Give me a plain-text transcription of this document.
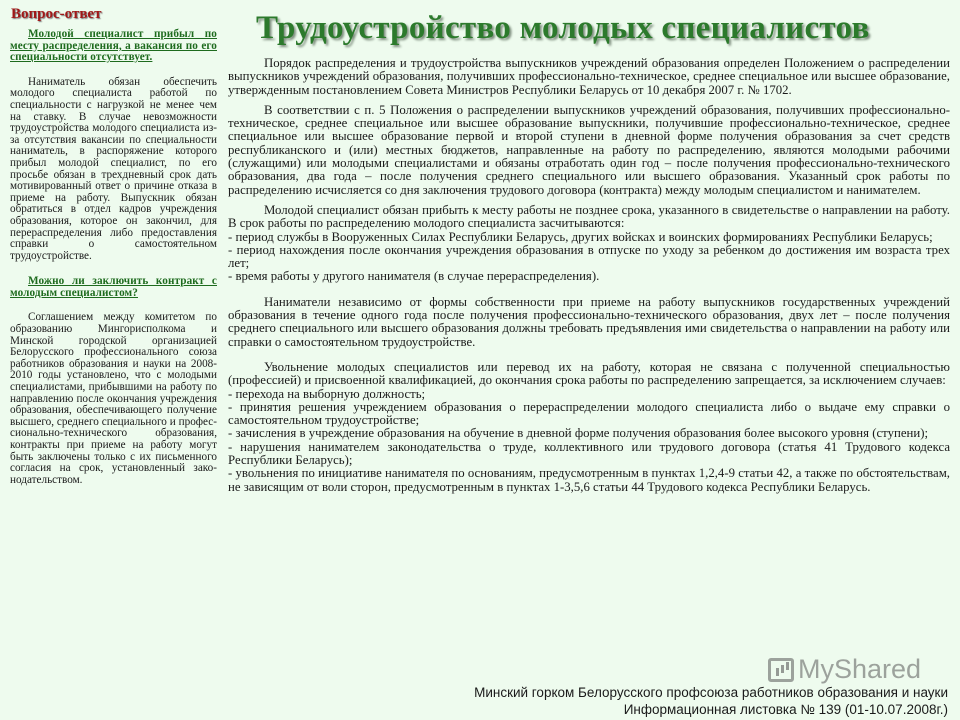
Вопрос-ответ
Молодой специалист прибыл по месту распределения, а вакансия по его специальности отсутствует.

Наниматель обязан обеспечить молодого специалиста работой по специальности с нагрузкой не менее чем на ставку. В случае невозможности трудоустройства молодого специалиста из-за отсутствия вакансии по специальности наниматель, в распоряжение которого прибыл молодой специалист, по его просьбе обязан в трехдневный срок дать мотивированный ответ о причине отказа в приеме на работу. Выпускник обязан обратиться в отдел кадров учреждения образования, которое он закончил, для перераспределения либо предоставления справки о самостоятельном трудоустройстве.

Можно ли заключить контракт с молодым специалистом?

Соглашением между комитетом по образованию Мингорисполкома и Минской городской организацией Белорусского профессионального союза работников образования и науки на 2008-2010 годы установлено, что с молодыми специалистами, прибывшими на работу по направлению после окончания учреждения образования, обеспечивающего получение высшего, среднего специального и профессионально-технического образования, контракты при приеме на работу могут быть заключены только с их письменного согласия на срок, установленный законодательством.

Трудоустройство молодых специалистов

Порядок распределения и трудоустройства выпускников учреждений образования определен Положением о распределении выпускников учреждений образования, получивших профессионально-техническое, среднее специальное или высшее образование, утвержденным постановлением Совета Министров Республики Беларусь от 10 декабря 2007 г. № 1702.

В соответствии с п. 5 Положения о распределении выпускников учреждений образования, получивших профессионально-техническое, среднее специальное или высшее образование выпускники, получившие профессионально-техническое, среднее специальное или высшее образование первой и второй ступени в дневной форме получения образования за счет средств республиканского и (или) местных бюджетов, направленные на работу по распределению, являются молодыми рабочими (служащими) или молодыми специалистами и обязаны отработать один год – после получения профессионально-технического образования, два года – после получения среднего специального или высшего образования. Указанный срок работы по распределению исчисляется со дня заключения трудового договора (контракта) между молодым специалистом и нанимателем.

Молодой специалист обязан прибыть к месту работы не позднее срока, указанного в свидетельстве о направлении на работу. В срок работы по распределению молодого специалиста засчитываются:

- период службы в Вооруженных Силах Республики Беларусь, других войсках и воинских формированиях Республики Беларусь;

- период нахождения после окончания учреждения образования в отпуске по уходу за ребенком до достижения им возраста трех лет;

- время работы у другого нанимателя (в случае перераспределения).

Наниматели независимо от формы собственности при приеме на работу выпускников государственных учреждений образования в течение одного года после получения профессионально-технического образования, двух лет – после получения среднего специального или высшего образования должны требовать предъявления ими свидетельства о направлении на работу или справки о самостоятельном трудоустройстве.

Увольнение молодых специалистов или перевод их на работу, которая не связана с полученной специальностью (профессией) и присвоенной квалификацией, до окончания срока работы по распределению запрещается, за исключением случаев:

- перехода на выборную должность;

- принятия решения учреждением образования о перераспределении молодого специалиста либо о выдаче ему справки о самостоятельном трудоустройстве;

- зачисления в учреждение образования на обучение в дневной форме получения образования более высокого уровня (ступени);

- нарушения нанимателем законодательства о труде, коллективного или трудового договора (статья 41 Трудового кодекса Республики Беларусь);

- увольнения по инициативе нанимателя по основаниям, предусмотренным в пунктах 1,2,4-9 статьи 42, а также по обстоятельствам, не зависящим от воли сторон, предусмотренным в пунктах 1-3,5,6 статьи 44 Трудового кодекса Республики Беларусь.

MyShared
Минский горком Белорусского профсоюза работников образования и науки
Информационная листовка № 139 (01-10.07.2008г.)
